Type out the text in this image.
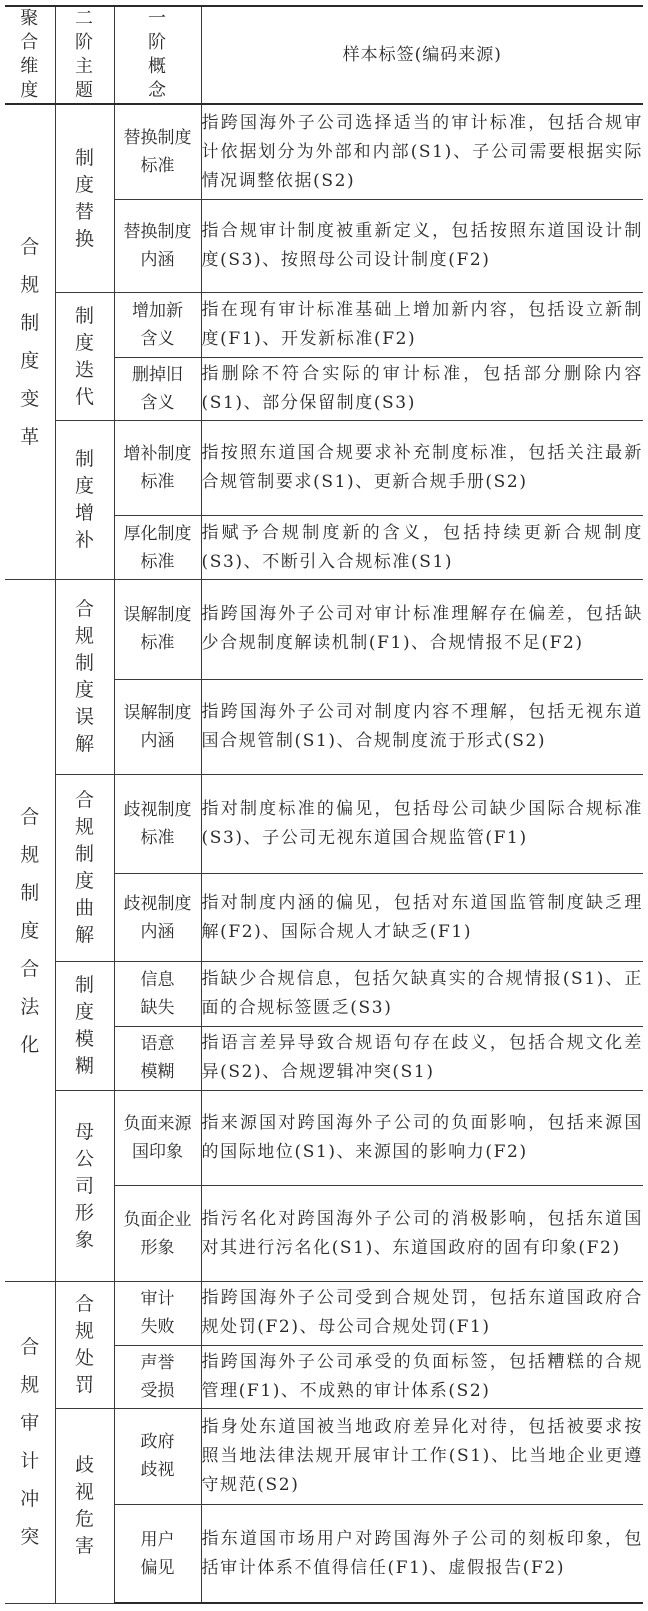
聚合维度	二阶主题	一阶概念	样本标签(编码来源)
合规制度变革	制度替换	替换制度标准	指跨国海外子公司选择适当的审计标准，包括合规审计依据划分为外部和内部(S1)、子公司需要根据实际情况调整依据(S2)
		替换制度内涵	指合规审计制度被重新定义，包括按照东道国设计制度(S3)、按照母公司设计制度(F2)
	制度迭代	增加新含义	指在现有审计标准基础上增加新内容，包括设立新制度(F1)、开发新标准(F2)
		删掉旧含义	指删除不符合实际的审计标准，包括部分删除内容(S1)、部分保留制度(S3)
	制度增补	增补制度标准	指按照东道国合规要求补充制度标准，包括关注最新合规管制要求(S1)、更新合规手册(S2)
		厚化制度标准	指赋予合规制度新的含义，包括持续更新合规制度(S3)、不断引入合规标准(S1)
合规制度合法化	合规制度误解	误解制度标准	指跨国海外子公司对审计标准理解存在偏差，包括缺少合规制度解读机制(F1)、合规情报不足(F2)
		误解制度内涵	指跨国海外子公司对制度内容不理解，包括无视东道国合规管制(S1)、合规制度流于形式(S2)
	合规制度曲解	歧视制度标准	指对制度标准的偏见，包括母公司缺少国际合规标准(S3)、子公司无视东道国合规监管(F1)
		歧视制度内涵	指对制度内涵的偏见，包括对东道国监管制度缺乏理解(F2)、国际合规人才缺乏(F1)
	制度模糊	信息缺失	指缺少合规信息，包括欠缺真实的合规情报(S1)、正面的合规标签匮乏(S3)
		语意模糊	指语言差异导致合规语句存在歧义，包括合规文化差异(S2)、合规逻辑冲突(S1)
	母公司形象	负面来源国印象	指来源国对跨国海外子公司的负面影响，包括来源国的国际地位(S1)、来源国的影响力(F2)
		负面企业形象	指污名化对跨国海外子公司的消极影响，包括东道国对其进行污名化(S1)、东道国政府的固有印象(F2)
合规审计冲突	合规处罚	审计失败	指跨国海外子公司受到合规处罚，包括东道国政府合规处罚(F2)、母公司合规处罚(F1)
		声誉受损	指跨国海外子公司承受的负面标签，包括糟糕的合规管理(F1)、不成熟的审计体系(S2)
	歧视危害	政府歧视	指身处东道国被当地政府差异化对待，包括被要求按照当地法律法规开展审计工作(S1)、比当地企业更遵守规范(S2)
		用户偏见	指东道国市场用户对跨国海外子公司的刻板印象，包括审计体系不值得信任(F1)、虚假报告(F2)
